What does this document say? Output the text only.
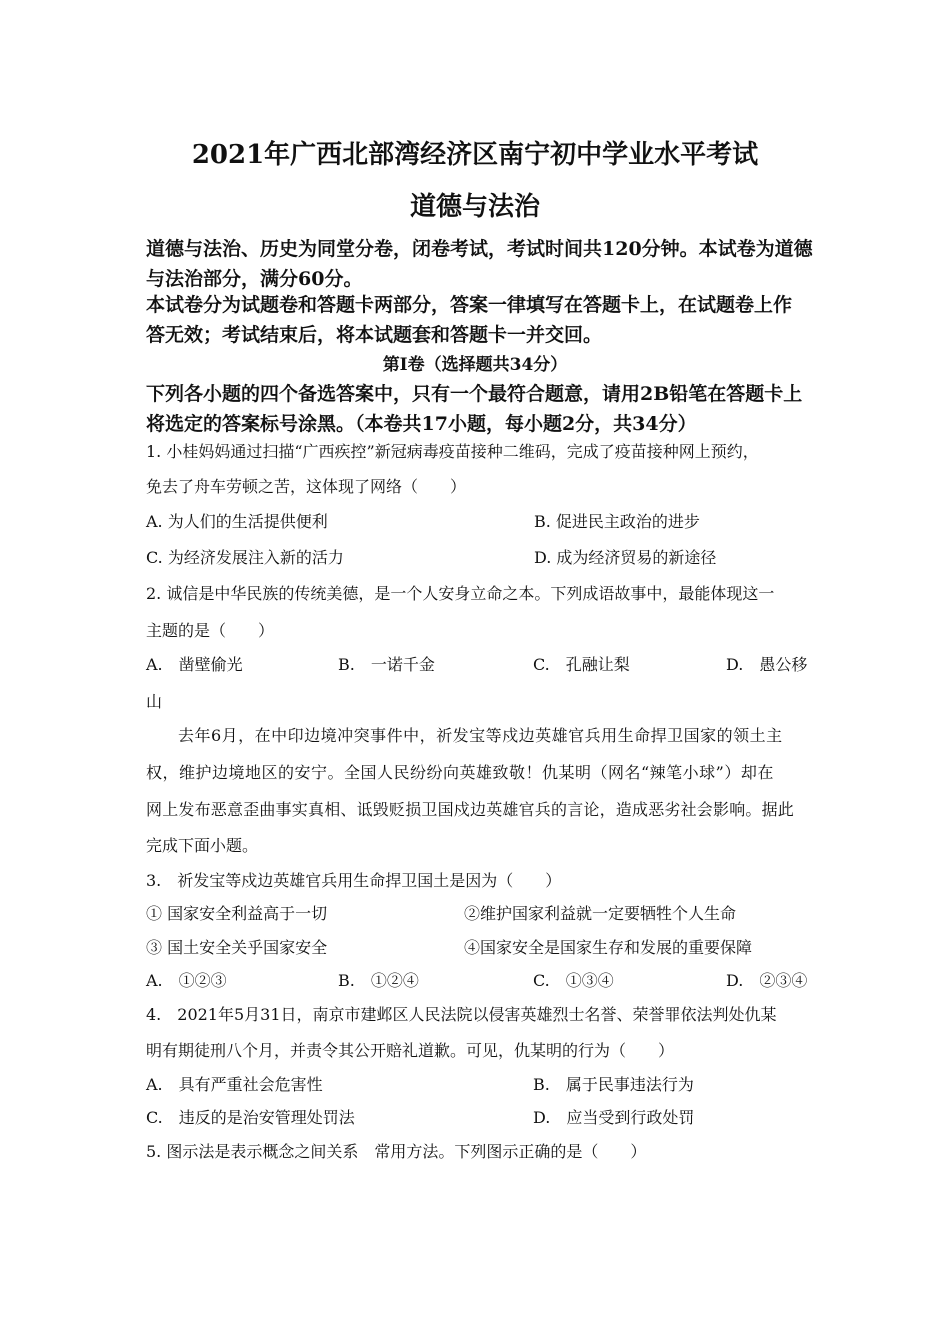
2021年广西北部湾经济区南宁初中学业水平考试
道德与法治
道德与法治、历史为同堂分卷，闭卷考试，考试时间共120分钟。本试卷为道德
与法治部分，满分60分。
本试卷分为试题卷和答题卡两部分，答案一律填写在答题卡上，在试题卷上作
答无效；考试结束后，将本试题套和答题卡一并交回。
第Ⅰ卷（选择题共34分）
下列各小题的四个备选答案中，只有一个最符合题意，请用2B铅笔在答题卡上
将选定的答案标号涂黑。（本卷共17小题，每小题2分，共34分）
1. 小桂妈妈通过扫描“广西疾控”新冠病毒疫苗接种二维码，完成了疫苗接种网上预约，
免去了舟车劳顿之苦，这体现了网络（　　）
A. 为人们的生活提供便利	B. 促进民主政治的进步
C. 为经济发展注入新的活力	D. 成为经济贸易的新途径
2. 诚信是中华民族的传统美德，是一个人安身立命之本。下列成语故事中，最能体现这一
主题的是（　　）
A.　凿壁偷光	B.　一诺千金	C.　孔融让梨	D.　愚公移
山
去年6月，在中印边境冲突事件中，祈发宝等戍边英雄官兵用生命捍卫国家的领土主
权，维护边境地区的安宁。全国人民纷纷向英雄致敬！仇某明（网名“辣笔小球”）却在
网上发布恶意歪曲事实真相、诋毁贬损卫国戍边英雄官兵的言论，造成恶劣社会影响。据此
完成下面小题。
3.　祈发宝等戍边英雄官兵用生命捍卫国土是因为（　　）
① 国家安全利益高于一切	②维护国家利益就一定要牺牲个人生命
③ 国土安全关乎国家安全	④国家安全是国家生存和发展的重要保障
A.　①②③	B.　①②④	C.　①③④	D.　②③④
4.　2021年5月31日，南京市建邺区人民法院以侵害英雄烈士名誉、荣誉罪依法判处仇某
明有期徒刑八个月，并责令其公开赔礼道歉。可见，仇某明的行为（　　）
A.　具有严重社会危害性	B.　属于民事违法行为
C.　违反的是治安管理处罚法	D.　应当受到行政处罚
5. 图示法是表示概念之间关系　常用方法。下列图示正确的是（　　）
